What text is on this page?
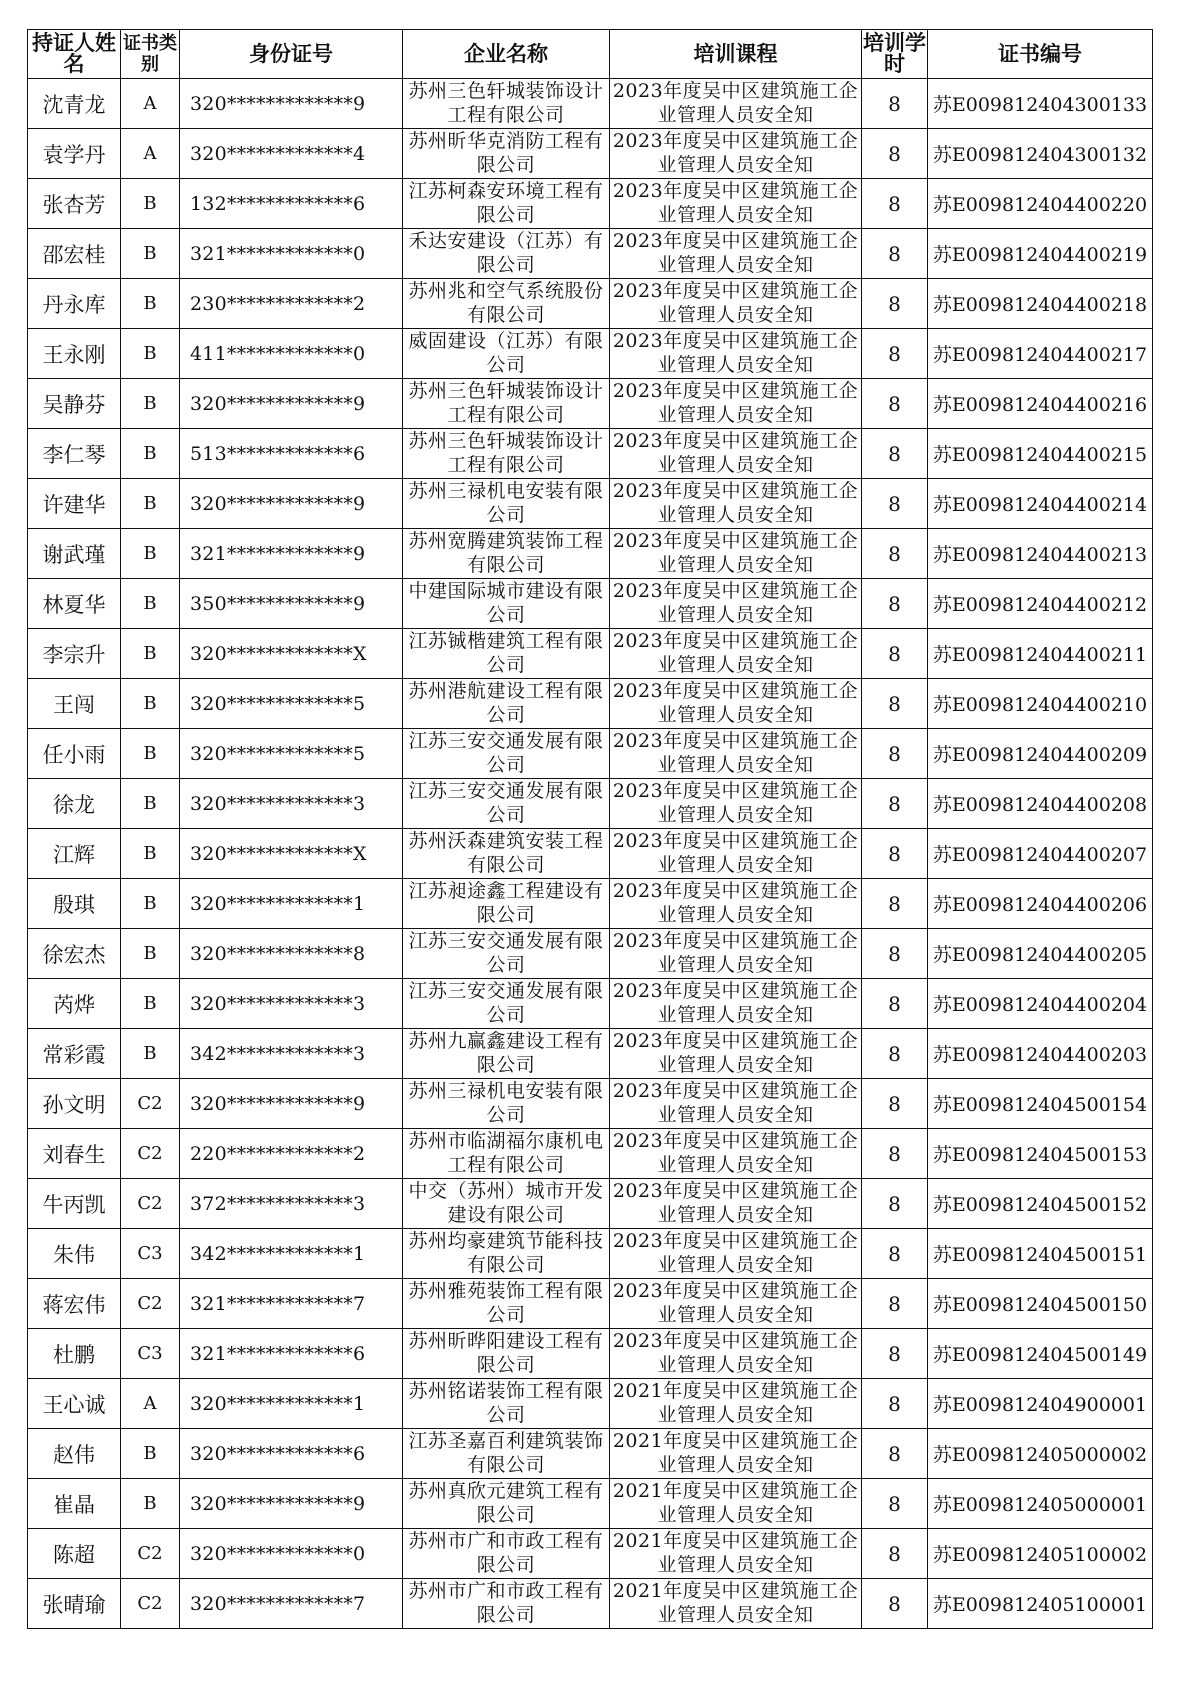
持证人姓名	证书类别	身份证号	企业名称	培训课程	培训学时	证书编号
沈青龙	A	320*************9	苏州三色轩城装饰设计工程有限公司	2023年度吴中区建筑施工企业管理人员安全知	8	苏E009812404300133
袁学丹	A	320*************4	苏州昕华克消防工程有限公司	2023年度吴中区建筑施工企业管理人员安全知	8	苏E009812404300132
张杏芳	B	132*************6	江苏柯森安环境工程有限公司	2023年度吴中区建筑施工企业管理人员安全知	8	苏E009812404400220
邵宏桂	B	321*************0	禾达安建设（江苏）有限公司	2023年度吴中区建筑施工企业管理人员安全知	8	苏E009812404400219
丹永库	B	230*************2	苏州兆和空气系统股份有限公司	2023年度吴中区建筑施工企业管理人员安全知	8	苏E009812404400218
王永刚	B	411*************0	威固建设（江苏）有限公司	2023年度吴中区建筑施工企业管理人员安全知	8	苏E009812404400217
吴静芬	B	320*************9	苏州三色轩城装饰设计工程有限公司	2023年度吴中区建筑施工企业管理人员安全知	8	苏E009812404400216
李仁琴	B	513*************6	苏州三色轩城装饰设计工程有限公司	2023年度吴中区建筑施工企业管理人员安全知	8	苏E009812404400215
许建华	B	320*************9	苏州三禄机电安装有限公司	2023年度吴中区建筑施工企业管理人员安全知	8	苏E009812404400214
谢武瑾	B	321*************9	苏州宽腾建筑装饰工程有限公司	2023年度吴中区建筑施工企业管理人员安全知	8	苏E009812404400213
林夏华	B	350*************9	中建国际城市建设有限公司	2023年度吴中区建筑施工企业管理人员安全知	8	苏E009812404400212
李宗升	B	320*************X	江苏铖楷建筑工程有限公司	2023年度吴中区建筑施工企业管理人员安全知	8	苏E009812404400211
王闯	B	320*************5	苏州港航建设工程有限公司	2023年度吴中区建筑施工企业管理人员安全知	8	苏E009812404400210
任小雨	B	320*************5	江苏三安交通发展有限公司	2023年度吴中区建筑施工企业管理人员安全知	8	苏E009812404400209
徐龙	B	320*************3	江苏三安交通发展有限公司	2023年度吴中区建筑施工企业管理人员安全知	8	苏E009812404400208
江辉	B	320*************X	苏州沃森建筑安装工程有限公司	2023年度吴中区建筑施工企业管理人员安全知	8	苏E009812404400207
殷琪	B	320*************1	江苏昶途鑫工程建设有限公司	2023年度吴中区建筑施工企业管理人员安全知	8	苏E009812404400206
徐宏杰	B	320*************8	江苏三安交通发展有限公司	2023年度吴中区建筑施工企业管理人员安全知	8	苏E009812404400205
芮烨	B	320*************3	江苏三安交通发展有限公司	2023年度吴中区建筑施工企业管理人员安全知	8	苏E009812404400204
常彩霞	B	342*************3	苏州九赢鑫建设工程有限公司	2023年度吴中区建筑施工企业管理人员安全知	8	苏E009812404400203
孙文明	C2	320*************9	苏州三禄机电安装有限公司	2023年度吴中区建筑施工企业管理人员安全知	8	苏E009812404500154
刘春生	C2	220*************2	苏州市临湖福尔康机电工程有限公司	2023年度吴中区建筑施工企业管理人员安全知	8	苏E009812404500153
牛丙凯	C2	372*************3	中交（苏州）城市开发建设有限公司	2023年度吴中区建筑施工企业管理人员安全知	8	苏E009812404500152
朱伟	C3	342*************1	苏州均豪建筑节能科技有限公司	2023年度吴中区建筑施工企业管理人员安全知	8	苏E009812404500151
蒋宏伟	C2	321*************7	苏州雅苑装饰工程有限公司	2023年度吴中区建筑施工企业管理人员安全知	8	苏E009812404500150
杜鹏	C3	321*************6	苏州昕晔阳建设工程有限公司	2023年度吴中区建筑施工企业管理人员安全知	8	苏E009812404500149
王心诚	A	320*************1	苏州铭诺装饰工程有限公司	2021年度吴中区建筑施工企业管理人员安全知	8	苏E009812404900001
赵伟	B	320*************6	江苏圣嘉百利建筑装饰有限公司	2021年度吴中区建筑施工企业管理人员安全知	8	苏E009812405000002
崔晶	B	320*************9	苏州真欣元建筑工程有限公司	2021年度吴中区建筑施工企业管理人员安全知	8	苏E009812405000001
陈超	C2	320*************0	苏州市广和市政工程有限公司	2021年度吴中区建筑施工企业管理人员安全知	8	苏E009812405100002
张晴瑜	C2	320*************7	苏州市广和市政工程有限公司	2021年度吴中区建筑施工企业管理人员安全知	8	苏E009812405100001
